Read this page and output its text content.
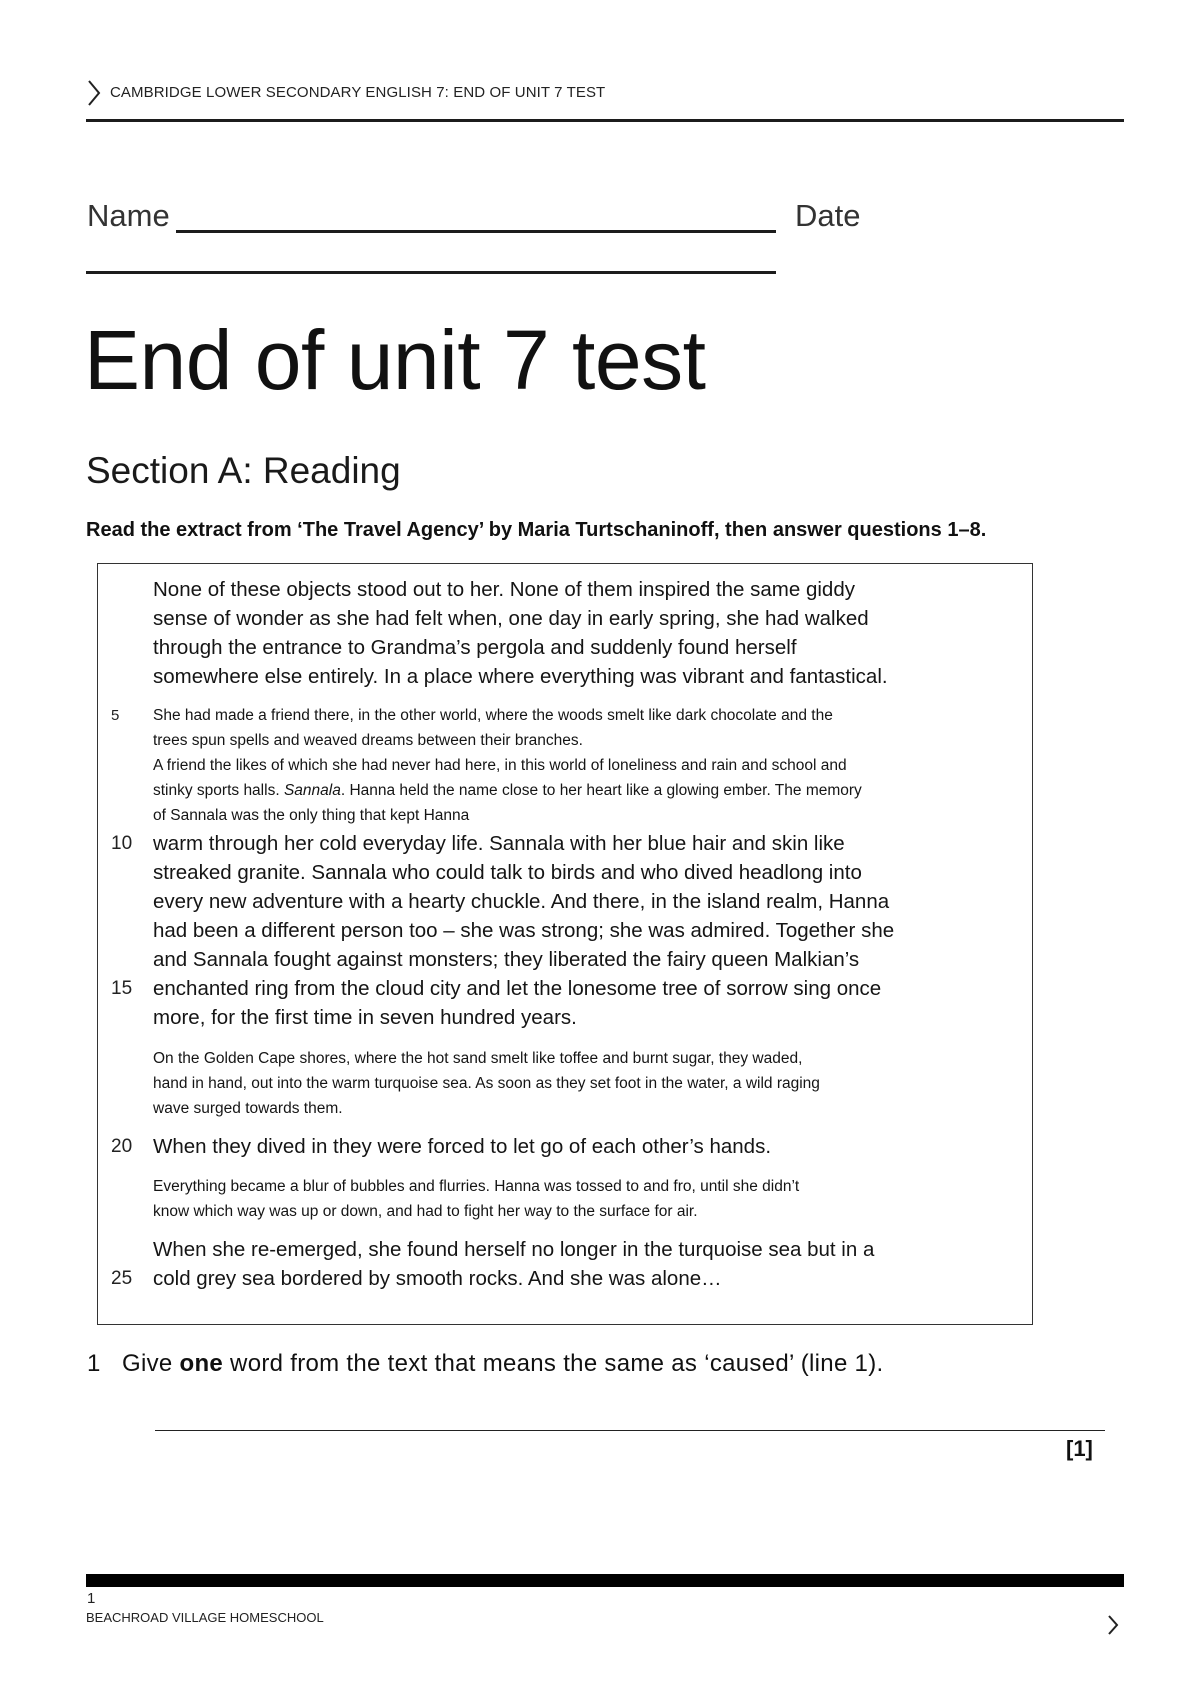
CAMBRIDGE LOWER SECONDARY ENGLISH 7: END OF UNIT 7 TEST
Name	Date
End of unit 7 test
Section A: Reading
Read the extract from ‘The Travel Agency’ by Maria Turtschaninoff, then answer questions 1–8.
None of these objects stood out to her. None of them inspired the same giddy
sense of wonder as she had felt when, one day in early spring, she had walked
through the entrance to Grandma’s pergola and suddenly found herself
somewhere else entirely. In a place where everything was vibrant and fantastical.
5 She had made a friend there, in the other world, where the woods smelt like dark chocolate and the
trees spun spells and weaved dreams between their branches.
A friend the likes of which she had never had here, in this world of loneliness and rain and school and
stinky sports halls. Sannala. Hanna held the name close to her heart like a glowing ember. The memory
of Sannala was the only thing that kept Hanna
10 warm through her cold everyday life. Sannala with her blue hair and skin like
streaked granite. Sannala who could talk to birds and who dived headlong into
every new adventure with a hearty chuckle. And there, in the island realm, Hanna
had been a different person too – she was strong; she was admired. Together she
and Sannala fought against monsters; they liberated the fairy queen Malkian’s
15 enchanted ring from the cloud city and let the lonesome tree of sorrow sing once
more, for the first time in seven hundred years.
On the Golden Cape shores, where the hot sand smelt like toffee and burnt sugar, they waded,
hand in hand, out into the warm turquoise sea. As soon as they set foot in the water, a wild raging
wave surged towards them.
20 When they dived in they were forced to let go of each other’s hands.
Everything became a blur of bubbles and flurries. Hanna was tossed to and fro, until she didn’t
know which way was up or down, and had to fight her way to the surface for air.
When she re-emerged, she found herself no longer in the turquoise sea but in a
25 cold grey sea bordered by smooth rocks. And she was alone…
1 Give one word from the text that means the same as ‘caused’ (line 1).
[1]
1
BEACHROAD VILLAGE HOMESCHOOL
